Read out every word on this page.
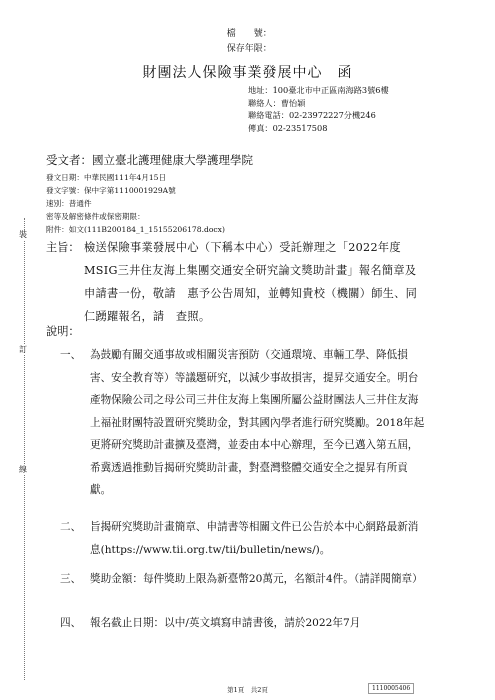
檔　　號：

保存年限：

財團法人保險事業發展中心　函
地址：100臺北市中正區南海路3號6樓
聯絡人：曹怡穎
聯絡電話：02-23972227分機246
傳真：02-23517508
受文者：國立臺北護理健康大學護理學院
發文日期：中華民國111年4月15日
發文字號：保中字第1110001929A號
速別：普通件
密等及解密條件或保密期限：
附件：如文(111B200184_1_15155206178.docx)
裝
訂
線
主旨： 檢送保險事業發展中心（下稱本中心）受託辦理之「2022年度MSIG三井住友海上集團交通安全研究論文獎助計畫」報名簡章及申請書一份，敬請　惠予公告周知，並轉知貴校（機關）師生、同仁踴躍報名，請　查照。
說明：
一、 為鼓勵有關交通事故或相關災害預防（交通環境、車輛工學、降低損害、安全教育等）等議題研究，以減少事故損害，提昇交通安全。明台產物保險公司之母公司三井住友海上集團所屬公益財團法人三井住友海上福祉財團特設置研究獎助金，對其國內學者進行研究獎勵。2018年起更將研究獎助計畫擴及臺灣，並委由本中心辦理，至今已邁入第五屆，希冀透過推動旨揭研究獎助計畫，對臺灣整體交通安全之提昇有所貢獻。
二、 旨揭研究獎助計畫簡章、申請書等相關文件已公告於本中心網路最新消息(https://www.tii.org.tw/tii/bulletin/news/)。
三、 獎助金額：每件獎助上限為新臺幣20萬元，名額計4件。（請詳閱簡章）
四、 報名截止日期：以中/英文填寫申請書後，請於2022年7月
第1頁　共2頁	1110005406
